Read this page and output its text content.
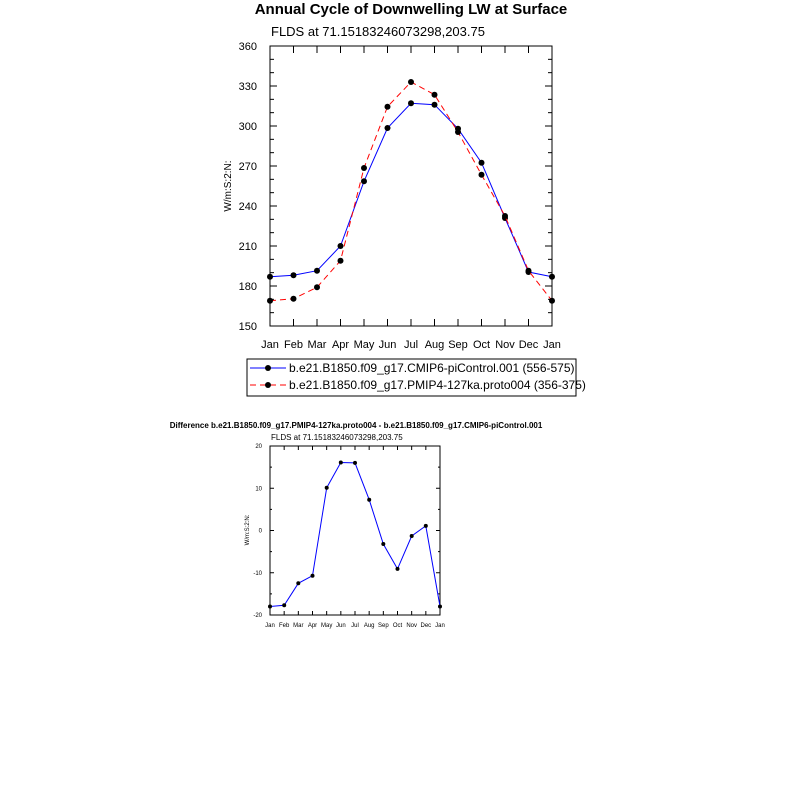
Annual Cycle of Downwelling LW at Surface
FLDS at 71.15183246073298,203.75
W/m:S:2:N:
150
180
210
240
270
300
330
360
Jan Feb Mar Apr May Jun Jul Aug Sep Oct Nov Dec Jan
b.e21.B1850.f09_g17.CMIP6-piControl.001 (556-575)
b.e21.B1850.f09_g17.PMIP4-127ka.proto004 (356-375)
Difference b.e21.B1850.f09_g17.PMIP4-127ka.proto004 - b.e21.B1850.f09_g17.CMIP6-piControl.001
FLDS at 71.15183246073298,203.75
W/m:S:2:N:
-20
-10
0
10
20
Jan Feb Mar Apr May Jun Jul Aug Sep Oct Nov Dec Jan
